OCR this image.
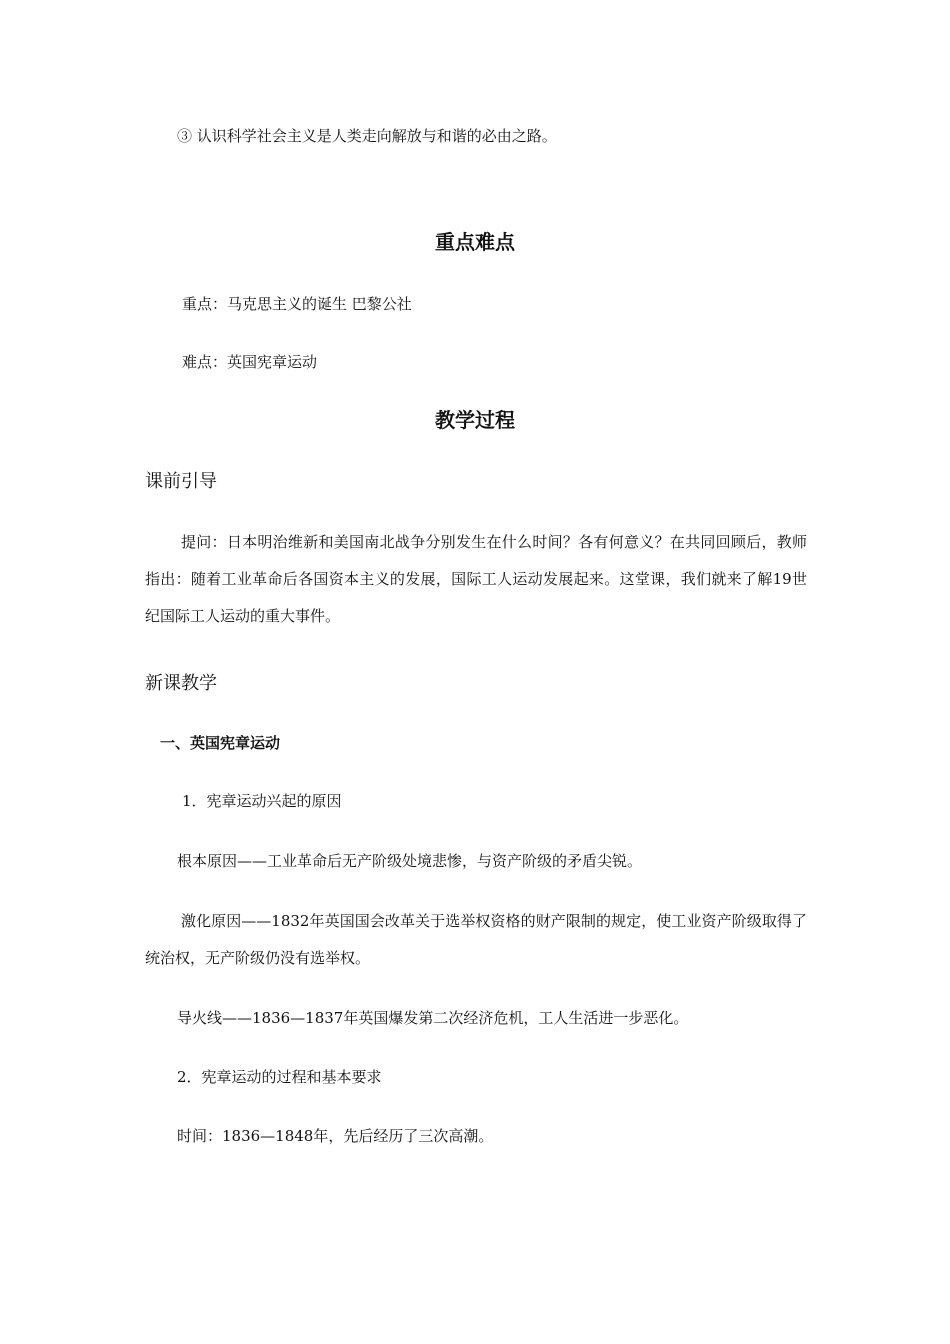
③ 认识科学社会主义是人类走向解放与和谐的必由之路。
重点难点
重点：马克思主义的诞生 巴黎公社
难点：英国宪章运动
教学过程
课前引导
提问：日本明治维新和美国南北战争分别发生在什么时间？各有何意义？在共同回顾后，教师指出：随着工业革命后各国资本主义的发展，国际工人运动发展起来。这堂课，我们就来了解19世纪国际工人运动的重大事件。
新课教学
一、英国宪章运动
1．宪章运动兴起的原因
根本原因——工业革命后无产阶级处境悲惨，与资产阶级的矛盾尖锐。
激化原因——1832年英国国会改革关于选举权资格的财产限制的规定，使工业资产阶级取得了统治权，无产阶级仍没有选举权。
导火线——1836—1837年英国爆发第二次经济危机，工人生活进一步恶化。
2．宪章运动的过程和基本要求
时间：1836—1848年，先后经历了三次高潮。
